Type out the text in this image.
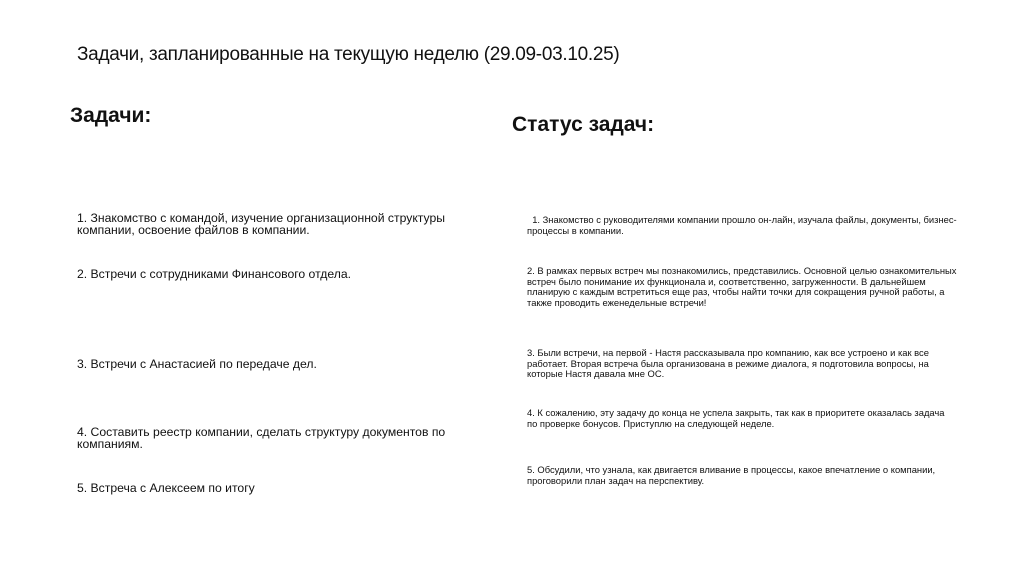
Задачи, запланированные на текущую неделю (29.09-03.10.25)
Задачи:	Статус задач:
1. Знакомство с командой, изучение организационной структуры компании, освоение файлов в компании.
2. Встречи с сотрудниками Финансового отдела.
3. Встречи с Анастасией по передаче дел.
4. Составить реестр компании, сделать структуру документов по компаниям.
5. Встреча с Алексеем по итогу
1. Знакомство с руководителями компании прошло он-лайн, изучала файлы, документы, бизнес-процессы в компании.
2. В рамках первых встреч мы познакомились, представились. Основной целью ознакомительных встреч было понимание их функционала и, соответственно, загруженности. В дальнейшем планирую с каждым встретиться еще раз, чтобы найти точки для сокращения ручной работы, а также проводить еженедельные встречи!
3. Были встречи, на первой - Настя рассказывала про компанию, как все устроено и как все работает. Вторая встреча была организована в режиме диалога, я подготовила вопросы, на которые Настя давала мне ОС.
4. К сожалению, эту задачу до конца не успела закрыть, так как в приоритете оказалась задача по проверке бонусов. Приступлю на следующей неделе.
5. Обсудили, что узнала, как двигается вливание в процессы, какое впечатление о компании, проговорили план задач на перспективу.
